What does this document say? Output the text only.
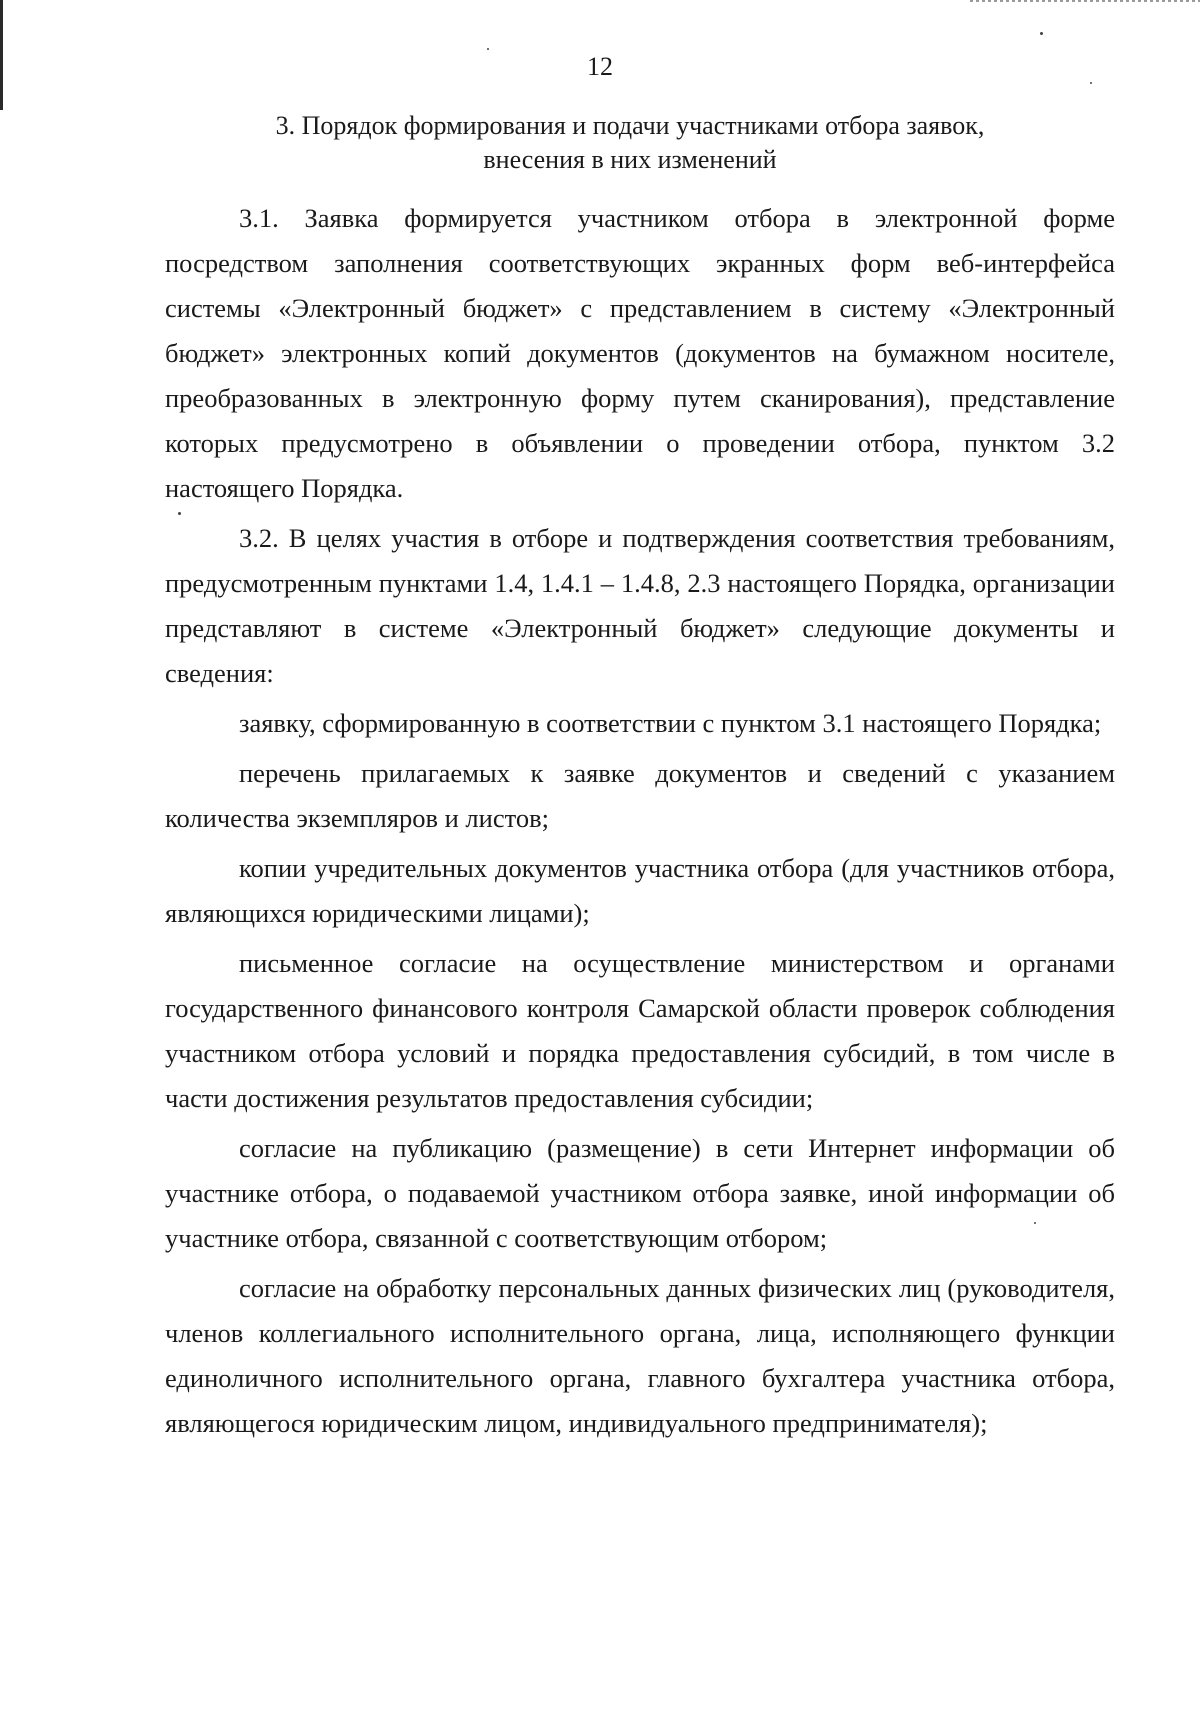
12
3. Порядок формирования и подачи участниками отбора заявок,
внесения в них изменений

3.1. Заявка формируется участником отбора в электронной форме посредством заполнения соответствующих экранных форм веб-интерфейса системы «Электронный бюджет» с представлением в систему «Электронный бюджет» электронных копий документов (документов на бумажном носителе, преобразованных в электронную форму путем сканирования), представление которых предусмотрено в объявлении о проведении отбора, пунктом 3.2 настоящего Порядка.

3.2. В целях участия в отборе и подтверждения соответствия требованиям, предусмотренным пунктами 1.4, 1.4.1 – 1.4.8, 2.3 настоящего Порядка, организации представляют в системе «Электронный бюджет» следующие документы и сведения:

заявку, сформированную в соответствии с пунктом 3.1 настоящего Порядка;

перечень прилагаемых к заявке документов и сведений с указанием количества экземпляров и листов;

копии учредительных документов участника отбора (для участников отбора, являющихся юридическими лицами);

письменное согласие на осуществление министерством и органами государственного финансового контроля Самарской области проверок соблюдения участником отбора условий и порядка предоставления субсидий, в том числе в части достижения результатов предоставления субсидии;

согласие на публикацию (размещение) в сети Интернет информации об участнике отбора, о подаваемой участником отбора заявке, иной информации об участнике отбора, связанной с соответствующим отбором;

согласие на обработку персональных данных физических лиц (руководителя, членов коллегиального исполнительного органа, лица, исполняющего функции единоличного исполнительного органа, главного бухгалтера участника отбора, являющегося юридическим лицом, индивидуального предпринимателя);
